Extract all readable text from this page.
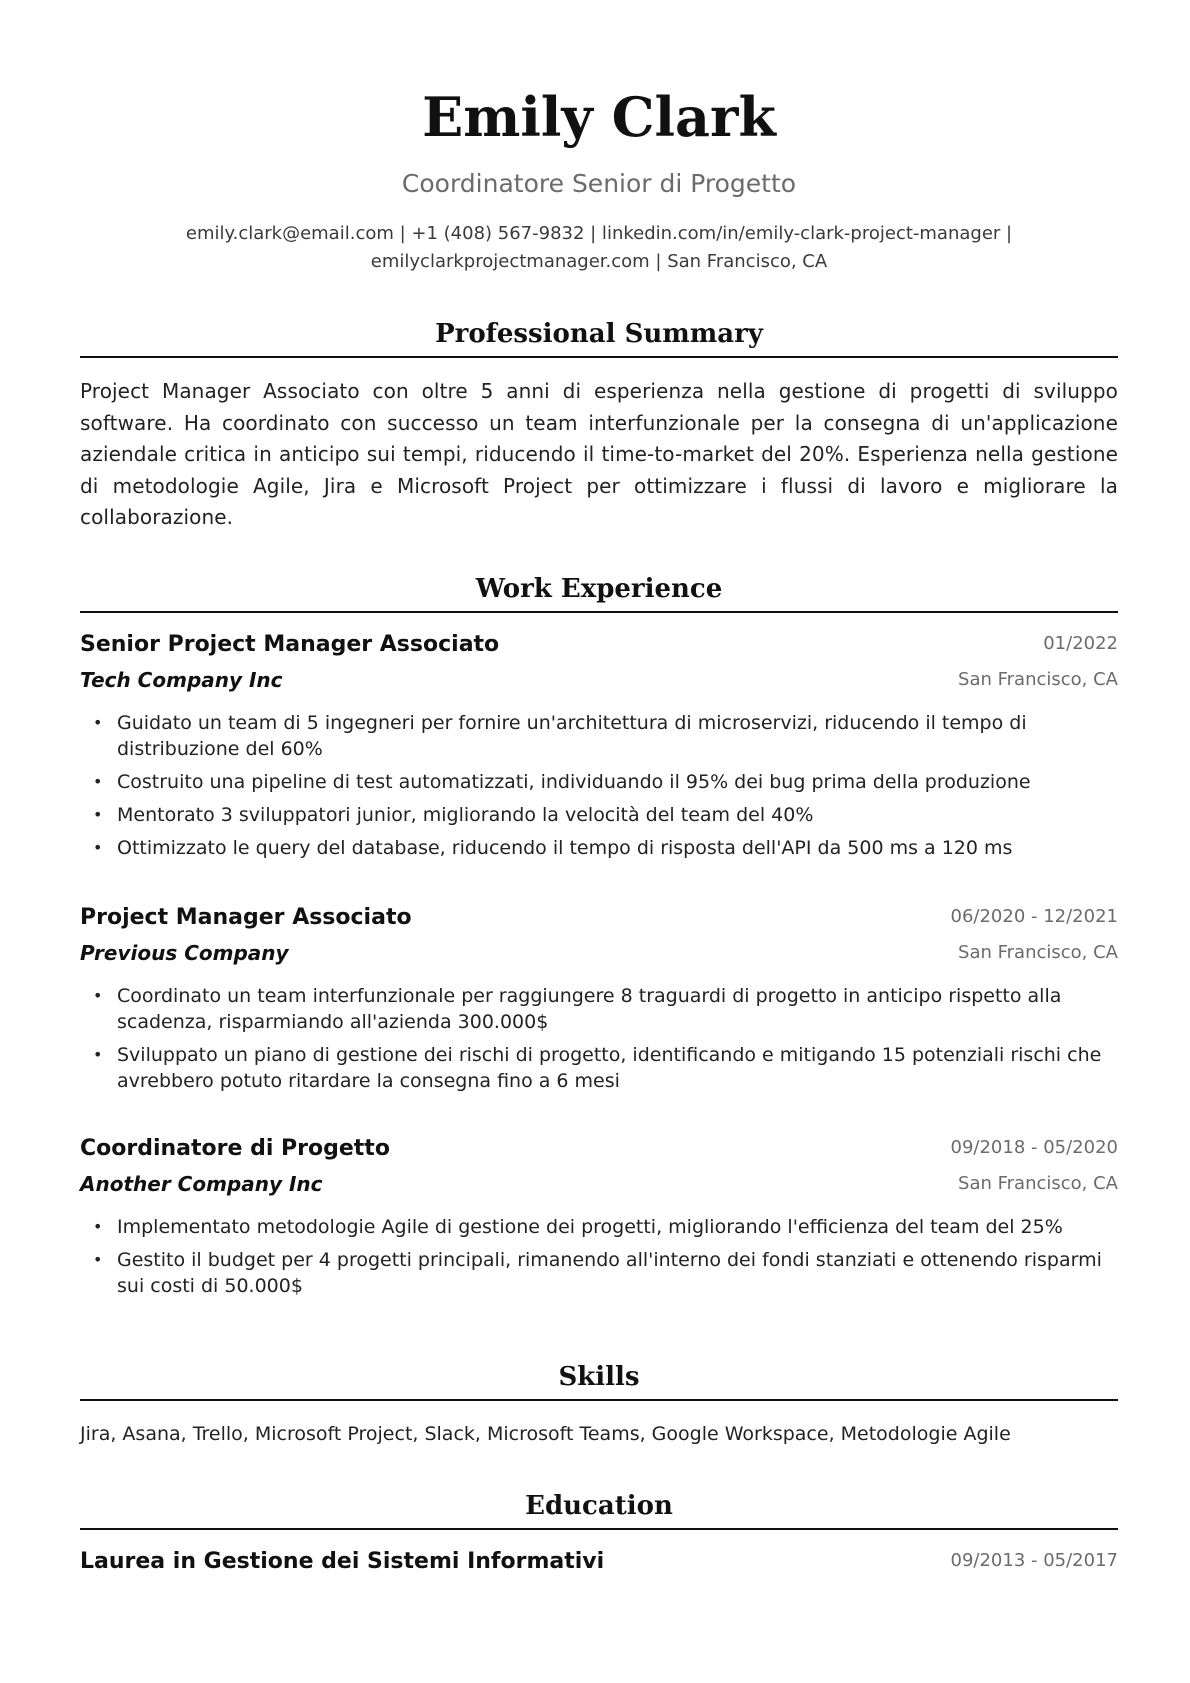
Emily Clark
Coordinatore Senior di Progetto
emily.clark@email.com | +1 (408) 567-9832 | linkedin.com/in/emily-clark-project-manager |
emilyclarkprojectmanager.com | San Francisco, CA
Professional Summary
Project Manager Associato con oltre 5 anni di esperienza nella gestione di progetti di sviluppo software. Ha coordinato con successo un team interfunzionale per la consegna di un'applicazione aziendale critica in anticipo sui tempi, riducendo il time-to-market del 20%. Esperienza nella gestione di metodologie Agile, Jira e Microsoft Project per ottimizzare i flussi di lavoro e migliorare la collaborazione.
Work Experience
Senior Project Manager Associato	01/2022
Tech Company Inc	San Francisco, CA
• Guidato un team di 5 ingegneri per fornire un'architettura di microservizi, riducendo il tempo di distribuzione del 60%
• Costruito una pipeline di test automatizzati, individuando il 95% dei bug prima della produzione
• Mentorato 3 sviluppatori junior, migliorando la velocità del team del 40%
• Ottimizzato le query del database, riducendo il tempo di risposta dell'API da 500 ms a 120 ms
Project Manager Associato	06/2020 - 12/2021
Previous Company	San Francisco, CA
• Coordinato un team interfunzionale per raggiungere 8 traguardi di progetto in anticipo rispetto alla scadenza, risparmiando all'azienda 300.000$
• Sviluppato un piano di gestione dei rischi di progetto, identificando e mitigando 15 potenziali rischi che avrebbero potuto ritardare la consegna fino a 6 mesi
Coordinatore di Progetto	09/2018 - 05/2020
Another Company Inc	San Francisco, CA
• Implementato metodologie Agile di gestione dei progetti, migliorando l'efficienza del team del 25%
• Gestito il budget per 4 progetti principali, rimanendo all'interno dei fondi stanziati e ottenendo risparmi sui costi di 50.000$
Skills
Jira, Asana, Trello, Microsoft Project, Slack, Microsoft Teams, Google Workspace, Metodologie Agile
Education
Laurea in Gestione dei Sistemi Informativi	09/2013 - 05/2017
